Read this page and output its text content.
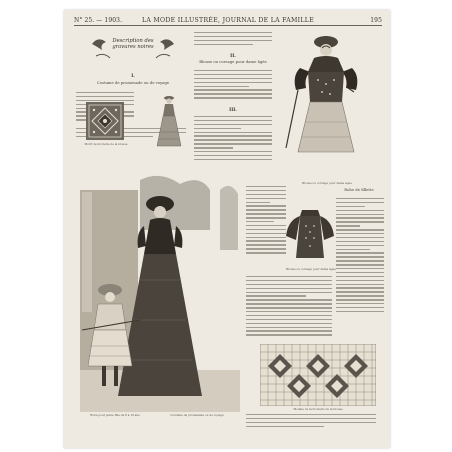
N° 25. — 1903.	LA MODE ILLUSTRÉE, JOURNAL DE LA FAMILLE	195
Description des gravures noires
I.
Costume de promenade ou de voyage
Motif de broderie de la blouse
II.
Blouse ou corsage pour dame âgée
III.
Blouse ou corsage pour dame âgée
Robe pour jeune fille de 8 à 10 ans	Costume de promenade ou de voyage
Blouse ou corsage pour dame âgée
Robe de fillette
Modèle de la broderie de la blouse
